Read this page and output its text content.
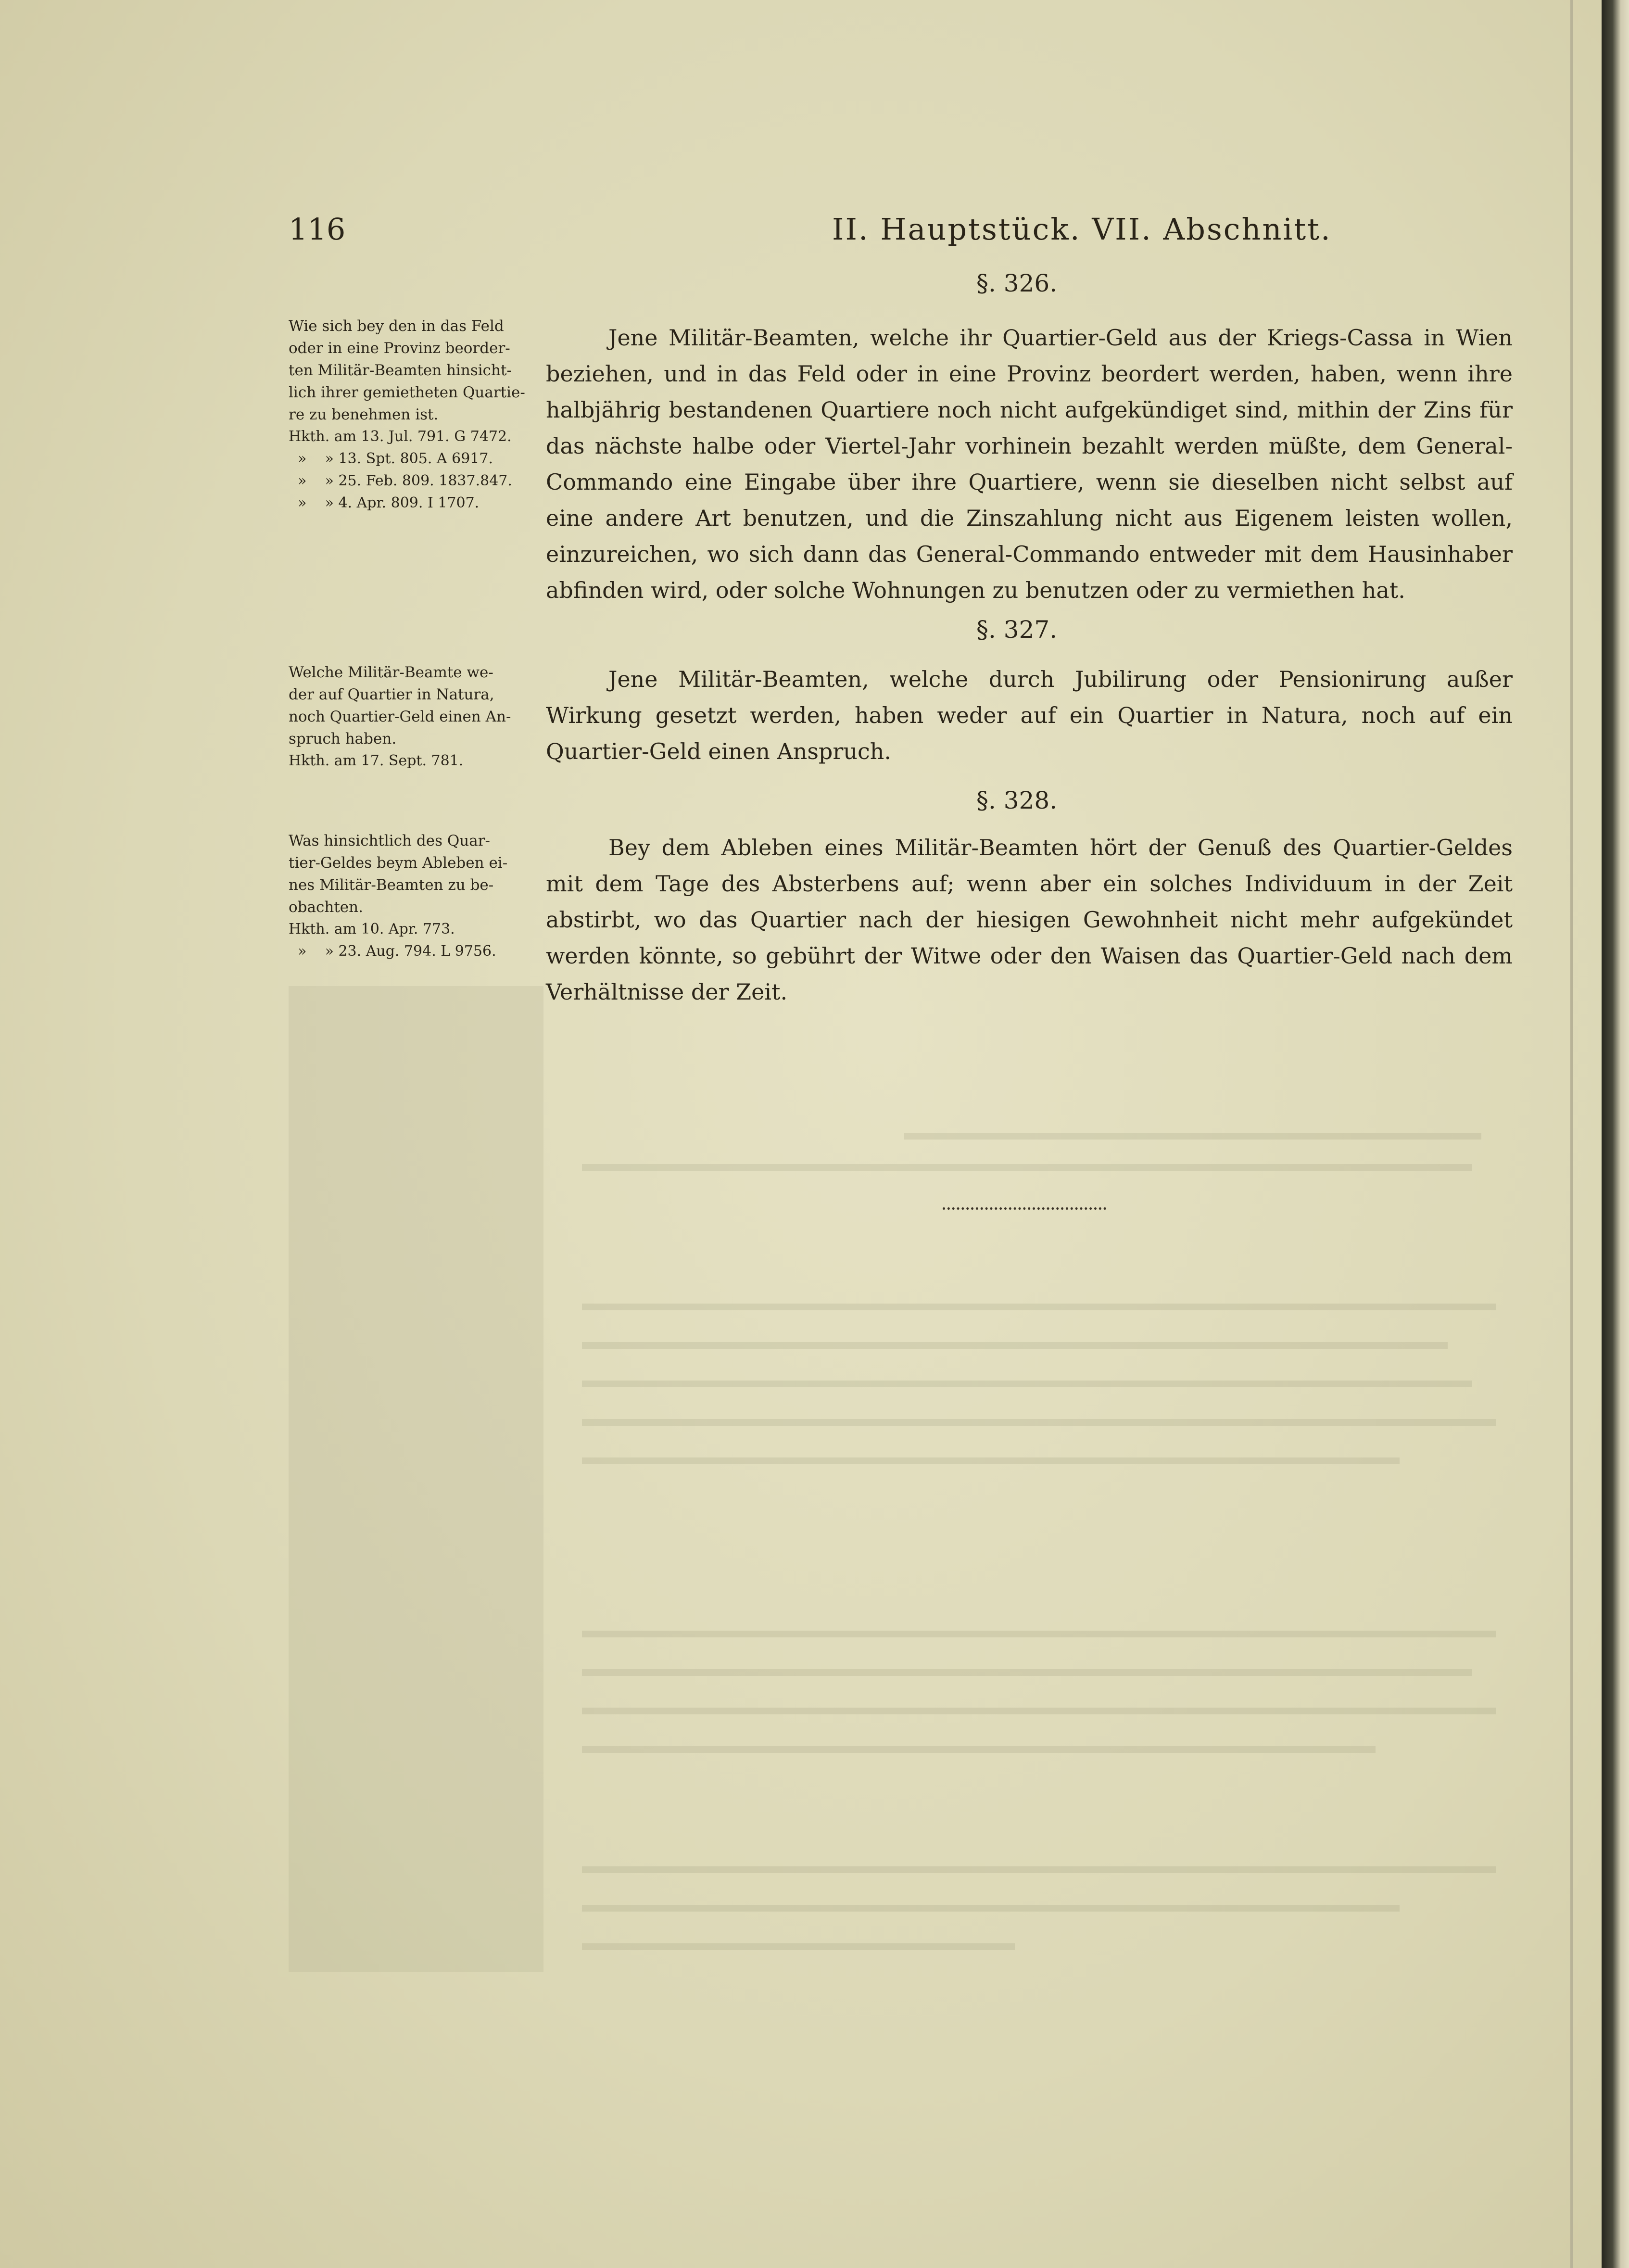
116	II. Hauptstück. VII. Abschnitt.

Wie sich bey den in das Feld

oder in eine Provinz beorder-

ten Militär-Beamten hinsicht-

lich ihrer gemietheten Quartie-

re zu benehmen ist.

Hkth. am 13. Jul. 791. G 7472.

»    » 13. Spt. 805. A 6917.

»    » 25. Feb. 809. 1837.847.

»    » 4. Apr. 809. I 1707.

Welche Militär-Beamte we-

der auf Quartier in Natura,

noch Quartier-Geld einen An-

spruch haben.

Hkth. am 17. Sept. 781.

Was hinsichtlich des Quar-

tier-Geldes beym Ableben ei-

nes Militär-Beamten zu be-

obachten.

Hkth. am 10. Apr. 773.

»    » 23. Aug. 794. L 9756.

§. 326.

Jene Militär-Beamten, welche ihr Quartier-Geld aus der Kriegs-Cassa in Wien beziehen, und in das Feld oder in eine Provinz beordert werden, haben, wenn ihre halbjährig bestandenen Quartiere noch nicht aufgekündiget sind, mithin der Zins für das nächste halbe oder Viertel-Jahr vorhinein bezahlt werden müßte, dem General-Commando eine Eingabe über ihre Quartiere, wenn sie dieselben nicht selbst auf eine andere Art benutzen, und die Zinszahlung nicht aus Eigenem leisten wollen, einzureichen, wo sich dann das General-Commando entweder mit dem Hausinhaber abfinden wird, oder solche Wohnungen zu benutzen oder zu vermiethen hat.

§. 327.

Jene Militär-Beamten, welche durch Jubilirung oder Pensionirung außer Wirkung gesetzt werden, haben weder auf ein Quartier in Natura, noch auf ein Quartier-Geld einen Anspruch.

§. 328.

Bey dem Ableben eines Militär-Beamten hört der Genuß des Quartier-Geldes mit dem Tage des Absterbens auf; wenn aber ein solches Individuum in der Zeit abstirbt, wo das Quartier nach der hiesigen Gewohnheit nicht mehr aufgekündet werden könnte, so gebührt der Witwe oder den Waisen das Quartier-Geld nach dem Verhältnisse der Zeit.
